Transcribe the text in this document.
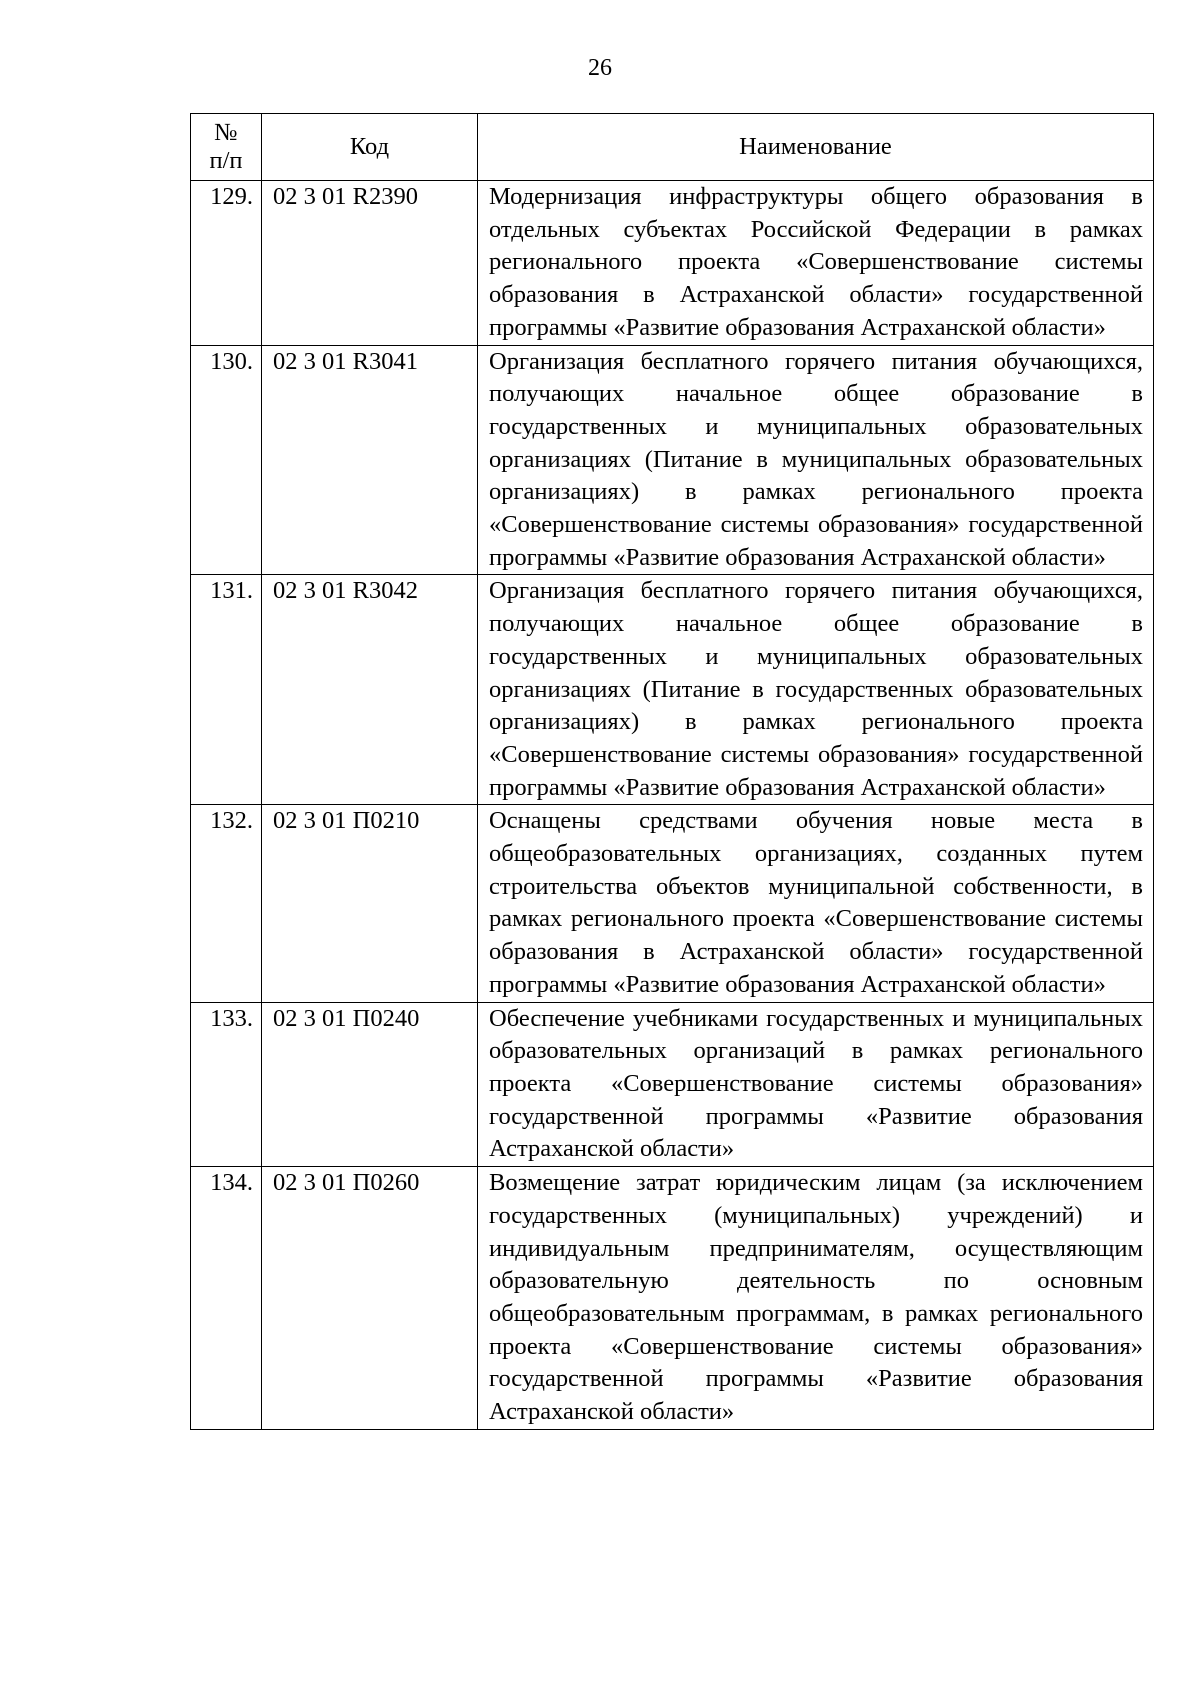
26
№
п/п	Код	Наименование
129.	02 3 01 R2390	Модернизация инфраструктуры общего образования в отдельных субъектах Российской Федерации в рамках регионального проекта «Совершенствование системы образования в Астраханской области» государственной программы «Развитие образования Астраханской области»
130.	02 3 01 R3041	Организация бесплатного горячего питания обучающихся, получающих начальное общее образование в государственных и муниципальных образовательных организациях (Питание в муниципальных образовательных организациях) в рамках регионального проекта «Совершенствование системы образования» государственной программы «Развитие образования Астраханской области»
131.	02 3 01 R3042	Организация бесплатного горячего питания обучающихся, получающих начальное общее образование в государственных и муниципальных образовательных организациях (Питание в государственных образовательных организациях) в рамках регионального проекта «Совершенствование системы образования» государственной программы «Развитие образования Астраханской области»
132.	02 3 01 П0210	Оснащены средствами обучения новые места в общеобразовательных организациях, созданных путем строительства объектов муниципальной собственности, в рамках регионального проекта «Совершенствование системы образования в Астраханской области» государственной программы «Развитие образования Астраханской области»
133.	02 3 01 П0240	Обеспечение учебниками государственных и муниципальных образовательных организаций в рамках регионального проекта «Совершенствование системы образования» государственной программы «Развитие образования Астраханской области»
134.	02 3 01 П0260	Возмещение затрат юридическим лицам (за исключением государственных (муниципальных) учреждений) и индивидуальным предпринимателям, осуществляющим образовательную деятельность по основным общеобразовательным программам, в рамках регионального проекта «Совершенствование системы образования» государственной программы «Развитие образования Астраханской области»
